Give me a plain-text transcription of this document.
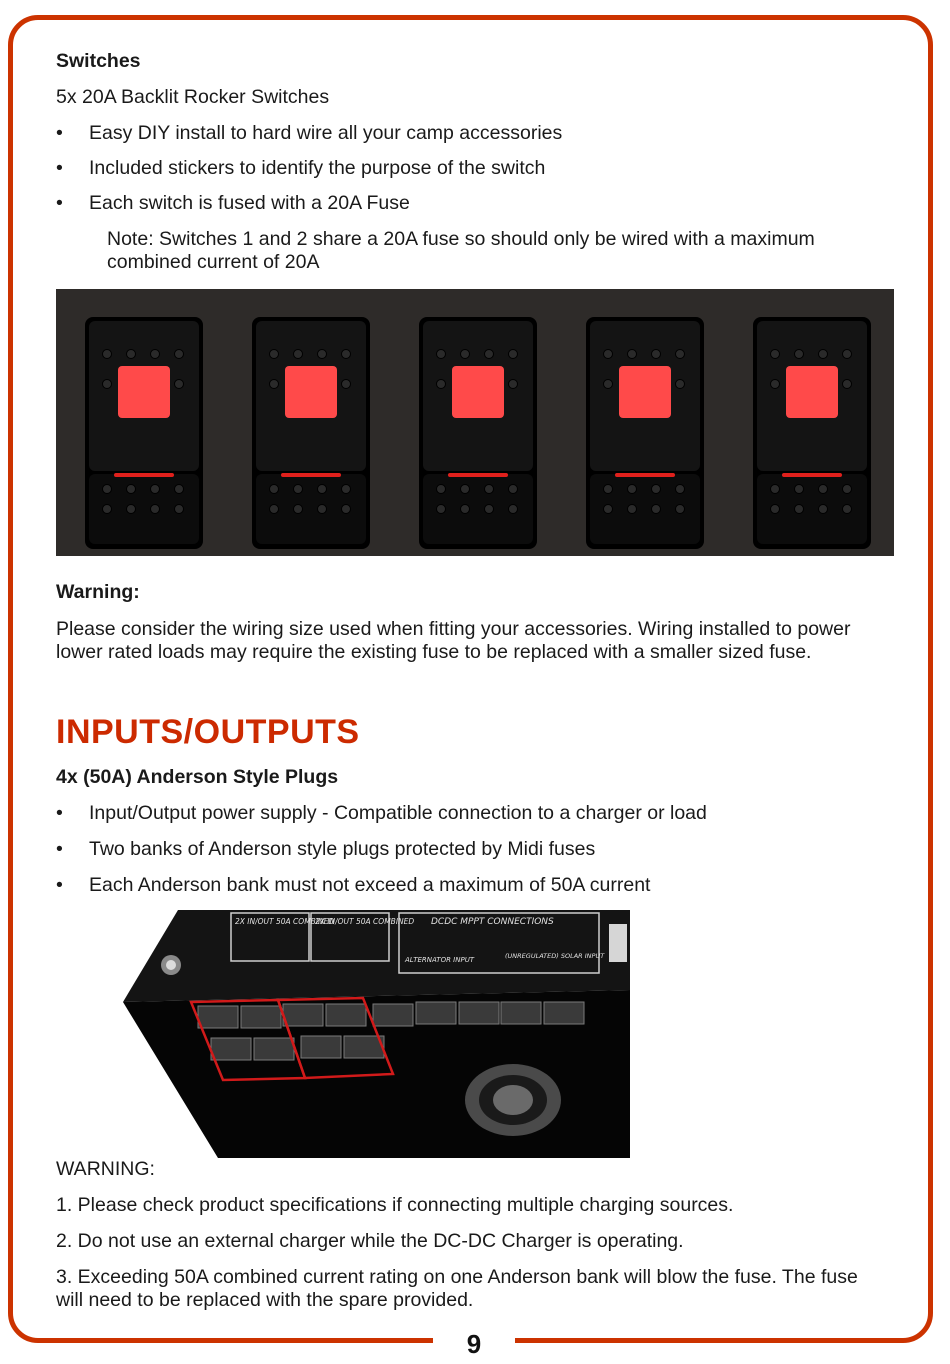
Switches
5x 20A Backlit Rocker Switches
• Easy DIY install to hard wire all your camp accessories
• Included stickers to identify the purpose of the switch
• Each switch is fused with a 20A Fuse
Note: Switches 1 and 2 share a 20A fuse so should only be wired with a maximum combined current of 20A
Warning:
Please consider the wiring size used when fitting your accessories. Wiring installed to power lower rated loads may require the existing fuse to be replaced with a smaller sized fuse.
INPUTS/OUTPUTS
4x (50A) Anderson Style Plugs
• Input/Output power supply - Compatible connection to a charger or load
• Two banks of Anderson style plugs protected by Midi fuses
• Each Anderson bank must not exceed a maximum of 50A current
WARNING:
1. Please check product specifications if connecting multiple charging sources.
2. Do not use an external charger while the DC-DC Charger is operating.
3. Exceeding 50A combined current rating on one Anderson bank will blow the fuse. The fuse will need to be replaced with the spare provided.
2X IN/OUT 50A COMBINED
2X IN/OUT 50A COMBINED DCDC MPPT CONNECTIONS
ALTERNATOR INPUT	(UNREGULATED) SOLAR INPUT
9
